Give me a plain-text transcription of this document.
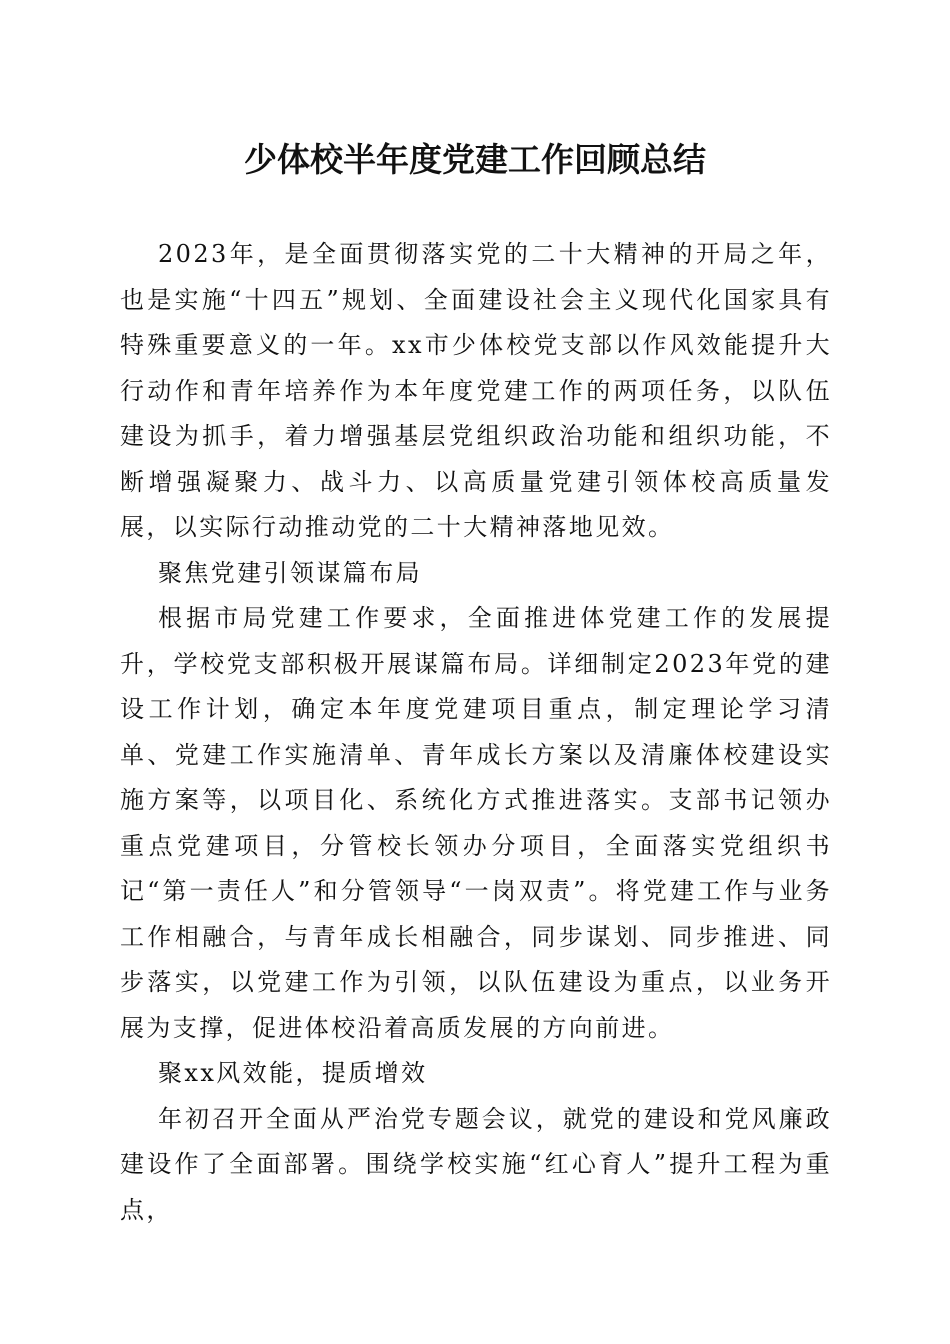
少体校半年度党建工作回顾总结

2023年，是全面贯彻落实党的二十大精神的开局之年，也是实施“十四五”规划、全面建设社会主义现代化国家具有特殊重要意义的一年。xx市少体校党支部以作风效能提升大行动作和青年培养作为本年度党建工作的两项任务，以队伍建设为抓手，着力增强基层党组织政治功能和组织功能，不断增强凝聚力、战斗力、以高质量党建引领体校高质量发展，以实际行动推动党的二十大精神落地见效。

聚焦党建引领谋篇布局

根据市局党建工作要求，全面推进体党建工作的发展提升，学校党支部积极开展谋篇布局。详细制定2023年党的建设工作计划，确定本年度党建项目重点，制定理论学习清单、党建工作实施清单、青年成长方案以及清廉体校建设实施方案等，以项目化、系统化方式推进落实。支部书记领办重点党建项目，分管校长领办分项目，全面落实党组织书记“第一责任人”和分管领导“一岗双责”。将党建工作与业务工作相融合，与青年成长相融合，同步谋划、同步推进、同步落实，以党建工作为引领，以队伍建设为重点，以业务开展为支撑，促进体校沿着高质发展的方向前进。

聚xx风效能，提质增效

年初召开全面从严治党专题会议，就党的建设和党风廉政建设作了全面部署。围绕学校实施“红心育人”提升工程为重点，
